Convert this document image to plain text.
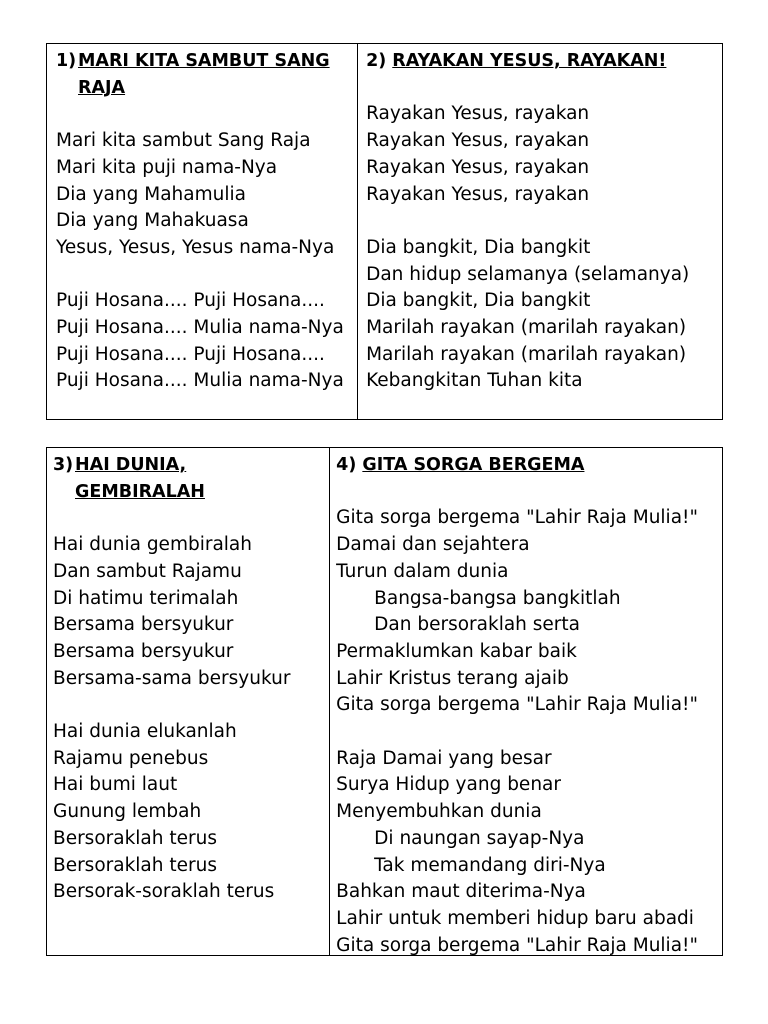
1) MARI KITA SAMBUT SANG RAJA
Mari kita sambut Sang Raja
Mari kita puji nama-Nya
Dia yang Mahamulia
Dia yang Mahakuasa
Yesus, Yesus, Yesus nama-Nya
Puji Hosana.... Puji Hosana....
Puji Hosana.... Mulia nama-Nya
Puji Hosana.... Puji Hosana....
Puji Hosana.... Mulia nama-Nya
2) RAYAKAN YESUS, RAYAKAN!
Rayakan Yesus, rayakan
Rayakan Yesus, rayakan
Rayakan Yesus, rayakan
Rayakan Yesus, rayakan
Dia bangkit, Dia bangkit
Dan hidup selamanya (selamanya)
Dia bangkit, Dia bangkit
Marilah rayakan (marilah rayakan)
Marilah rayakan (marilah rayakan)
Kebangkitan Tuhan kita
3) HAI DUNIA, GEMBIRALAH
Hai dunia gembiralah
Dan sambut Rajamu
Di hatimu terimalah
Bersama bersyukur
Bersama bersyukur
Bersama-sama bersyukur
Hai dunia elukanlah
Rajamu penebus
Hai bumi laut
Gunung lembah
Bersoraklah terus
Bersoraklah terus
Bersorak-soraklah terus
4) GITA SORGA BERGEMA
Gita sorga bergema "Lahir Raja Mulia!"
Damai dan sejahtera
Turun dalam dunia
Bangsa-bangsa bangkitlah
Dan bersoraklah serta
Permaklumkan kabar baik
Lahir Kristus terang ajaib
Gita sorga bergema "Lahir Raja Mulia!"
Raja Damai yang besar
Surya Hidup yang benar
Menyembuhkan dunia
Di naungan sayap-Nya
Tak memandang diri-Nya
Bahkan maut diterima-Nya
Lahir untuk memberi hidup baru abadi
Gita sorga bergema "Lahir Raja Mulia!"
